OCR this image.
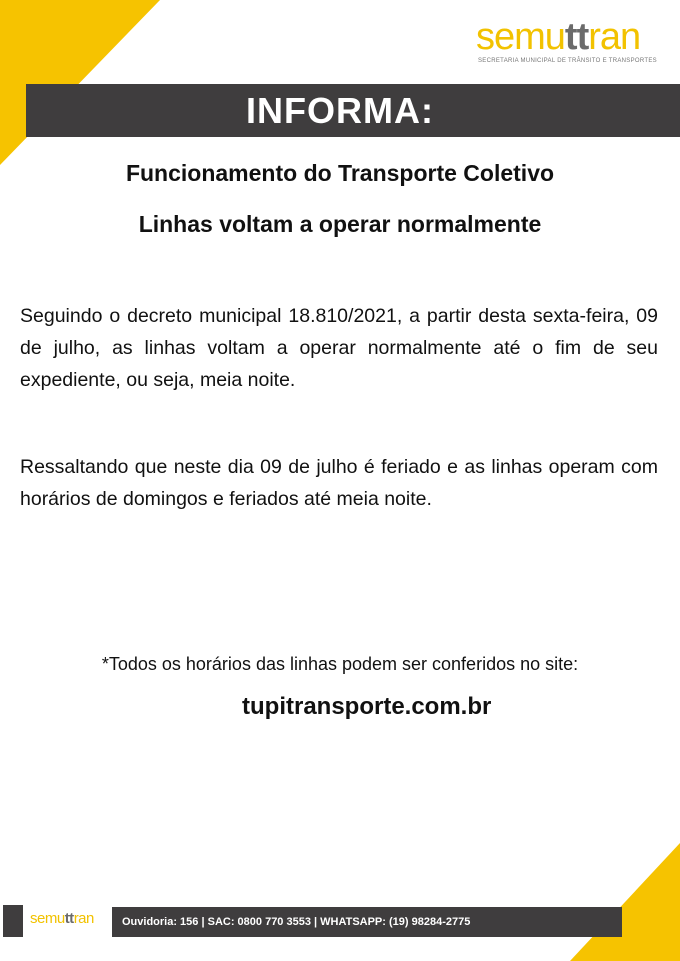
semuttran
SECRETARIA MUNICIPAL DE TRÂNSITO E TRANSPORTES
INFORMA:
Funcionamento do Transporte Coletivo
Linhas voltam a operar normalmente
Seguindo o decreto municipal 18.810/2021, a partir desta sexta-feira, 09 de julho, as linhas voltam a operar normalmente até o fim de seu expediente, ou seja, meia noite.
Ressaltando que neste dia 09 de julho é feriado e as linhas operam com horários de domingos e feriados até meia noite.
*Todos os horários das linhas podem ser conferidos no site:
tupitransporte.com.br
semuttran	Ouvidoria: 156 | SAC: 0800 770 3553 | WHATSAPP: (19) 98284-2775
